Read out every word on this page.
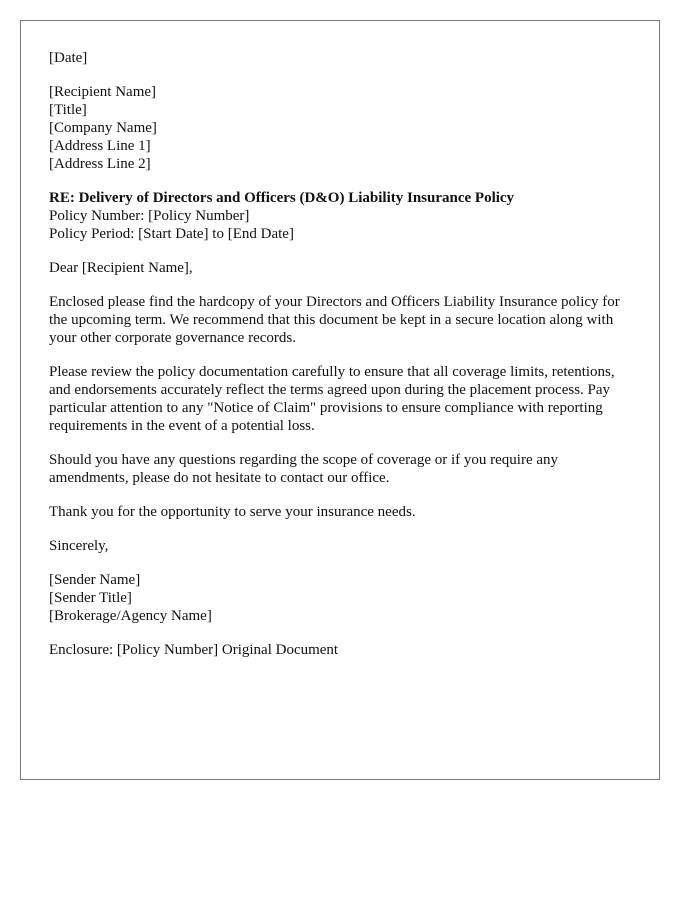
[Date]
[Recipient Name]
[Title]
[Company Name]
[Address Line 1]
[Address Line 2]
RE: Delivery of Directors and Officers (D&O) Liability Insurance Policy
Policy Number: [Policy Number]
Policy Period: [Start Date] to [End Date]

Dear [Recipient Name],

Enclosed please find the hardcopy of your Directors and Officers Liability Insurance policy for the upcoming term. We recommend that this document be kept in a secure location along with your other corporate governance records.

Please review the policy documentation carefully to ensure that all coverage limits, retentions, and endorsements accurately reflect the terms agreed upon during the placement process. Pay particular attention to any "Notice of Claim" provisions to ensure compliance with reporting requirements in the event of a potential loss.

Should you have any questions regarding the scope of coverage or if you require any amendments, please do not hesitate to contact our office.

Thank you for the opportunity to serve your insurance needs.

Sincerely,

[Sender Name]
[Sender Title]
[Brokerage/Agency Name]

Enclosure: [Policy Number] Original Document
